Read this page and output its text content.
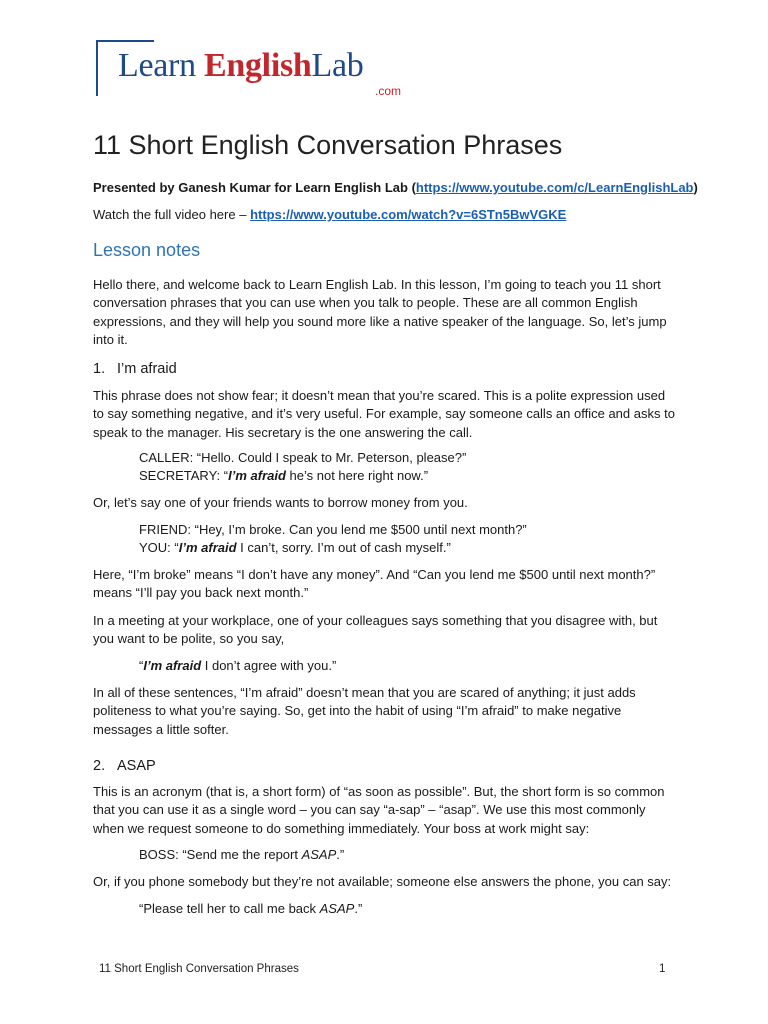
Learn EnglishLab
.com
11 Short English Conversation Phrases

Presented by Ganesh Kumar for Learn English Lab (https://www.youtube.com/c/LearnEnglishLab)

Watch the full video here – https://www.youtube.com/watch?v=6STn5BwVGKE

Lesson notes

Hello there, and welcome back to Learn English Lab. In this lesson, I’m going to teach you 11 short conversation phrases that you can use when you talk to people. These are all common English expressions, and they will help you sound more like a native speaker of the language. So, let’s jump into it.

1. I’m afraid

This phrase does not show fear; it doesn’t mean that you’re scared. This is a polite expression used to say something negative, and it’s very useful. For example, say someone calls an office and asks to speak to the manager. His secretary is the one answering the call.

CALLER: “Hello. Could I speak to Mr. Peterson, please?”

SECRETARY: “I’m afraid he’s not here right now.”

Or, let’s say one of your friends wants to borrow money from you.

FRIEND: “Hey, I’m broke. Can you lend me $500 until next month?”

YOU: “I’m afraid I can’t, sorry. I’m out of cash myself.”

Here, “I’m broke” means “I don’t have any money”. And “Can you lend me $500 until next month?” means “I’ll pay you back next month.”

In a meeting at your workplace, one of your colleagues says something that you disagree with, but you want to be polite, so you say,

“I’m afraid I don’t agree with you.”

In all of these sentences, “I’m afraid” doesn’t mean that you are scared of anything; it just adds politeness to what you’re saying. So, get into the habit of using “I’m afraid” to make negative messages a little softer.

2. ASAP

This is an acronym (that is, a short form) of “as soon as possible”. But, the short form is so common that you can use it as a single word – you can say “a-sap” – “asap”. We use this most commonly when we request someone to do something immediately. Your boss at work might say:

BOSS: “Send me the report ASAP.”

Or, if you phone somebody but they’re not available; someone else answers the phone, you can say:

“Please tell her to call me back ASAP.”

11 Short English Conversation Phrases	1
